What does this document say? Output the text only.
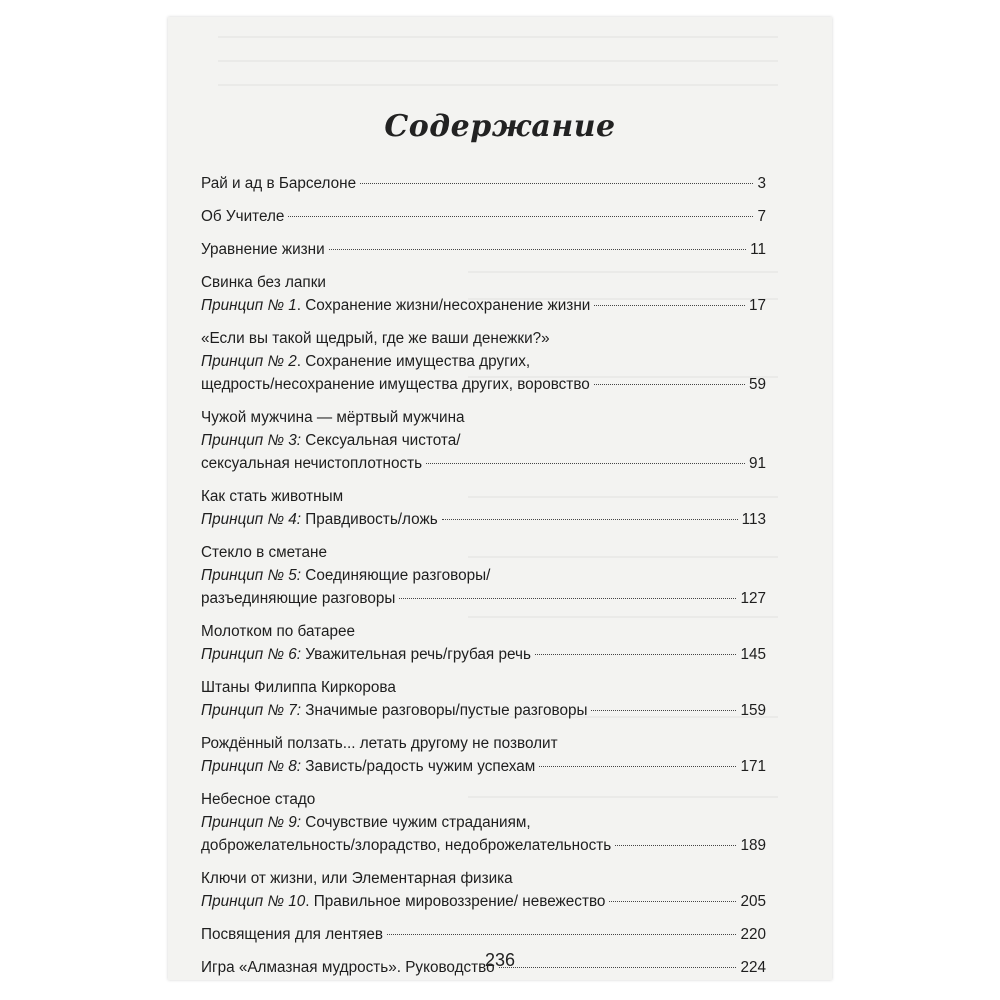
Содержание
Рай и ад в Барселоне	3
Об Учителе	7
Уравнение жизни	11
Свинка без лапки
Принцип № 1. Сохранение жизни/несохранение жизни	17
«Если вы такой щедрый, где же ваши денежки?»
Принцип № 2. Сохранение имущества других,
щедрость/несохранение имущества других, воровство	59
Чужой мужчина — мёртвый мужчина
Принцип № 3: Сексуальная чистота/
сексуальная нечистоплотность	91
Как стать животным
Принцип № 4: Правдивость/ложь	113
Стекло в сметане
Принцип № 5: Соединяющие разговоры/
разъединяющие разговоры	127
Молотком по батарее
Принцип № 6: Уважительная речь/грубая речь	145
Штаны Филиппа Киркорова
Принцип № 7: Значимые разговоры/пустые разговоры	159
Рождённый ползать... летать другому не позволит
Принцип № 8: Зависть/радость чужим успехам	171
Небесное стадо
Принцип № 9: Сочувствие чужим страданиям,
доброжелательность/злорадство, недоброжелательность	189
Ключи от жизни, или Элементарная физика
Принцип № 10. Правильное мировоззрение/ невежество	205
Посвящения для лентяев	220
Игра «Алмазная мудрость». Руководство	224
236
